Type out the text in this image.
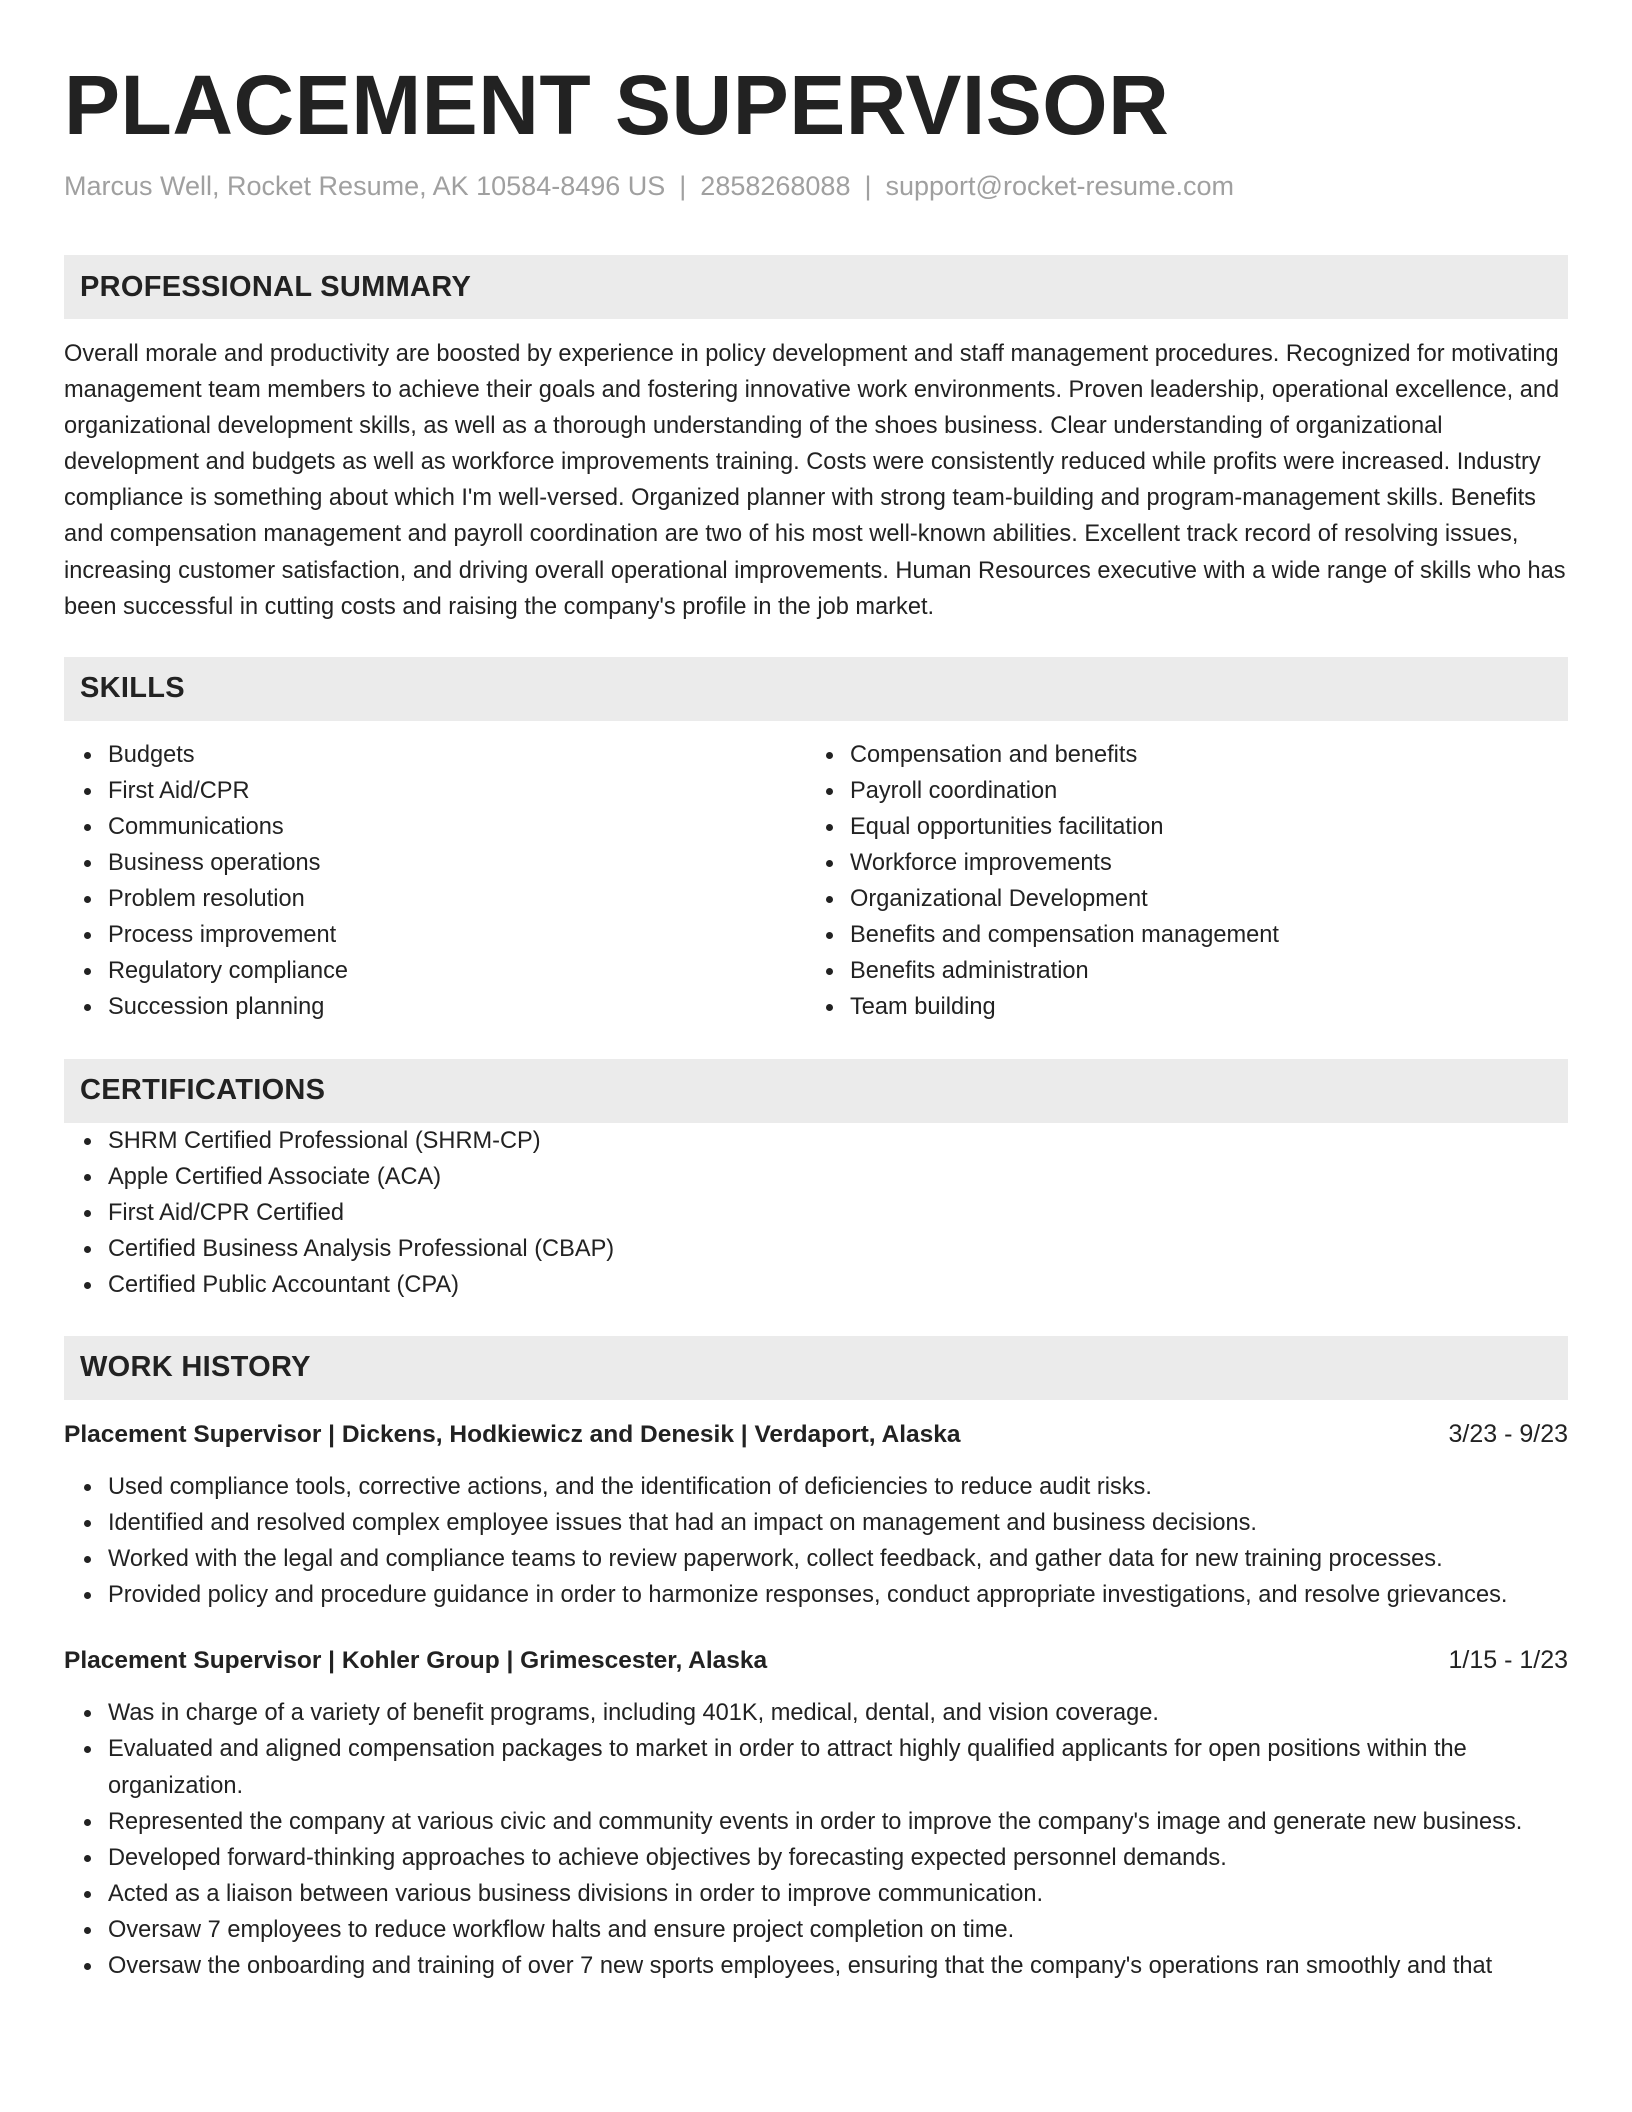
PLACEMENT SUPERVISOR
Marcus Well, Rocket Resume, AK 10584-8496 US | 2858268088 | support@rocket-resume.com
PROFESSIONAL SUMMARY

Overall morale and productivity are boosted by experience in policy development and staff management procedures. Recognized for motivating management team members to achieve their goals and fostering innovative work environments. Proven leadership, operational excellence, and organizational development skills, as well as a thorough understanding of the shoes business. Clear understanding of organizational development and budgets as well as workforce improvements training. Costs were consistently reduced while profits were increased. Industry compliance is something about which I'm well-versed. Organized planner with strong team-building and program-management skills. Benefits and compensation management and payroll coordination are two of his most well-known abilities. Excellent track record of resolving issues, increasing customer satisfaction, and driving overall operational improvements. Human Resources executive with a wide range of skills who has been successful in cutting costs and raising the company's profile in the job market.

SKILLS
Budgets
First Aid/CPR
Communications
Business operations
Problem resolution
Process improvement
Regulatory compliance
Succession planning
Compensation and benefits
Payroll coordination
Equal opportunities facilitation
Workforce improvements
Organizational Development
Benefits and compensation management
Benefits administration
Team building
CERTIFICATIONS
SHRM Certified Professional (SHRM-CP)
Apple Certified Associate (ACA)
First Aid/CPR Certified
Certified Business Analysis Professional (CBAP)
Certified Public Accountant (CPA)
WORK HISTORY
Placement Supervisor | Dickens, Hodkiewicz and Denesik | Verdaport, Alaska	3/23 - 9/23
Used compliance tools, corrective actions, and the identification of deficiencies to reduce audit risks.
Identified and resolved complex employee issues that had an impact on management and business decisions.
Worked with the legal and compliance teams to review paperwork, collect feedback, and gather data for new training processes.
Provided policy and procedure guidance in order to harmonize responses, conduct appropriate investigations, and resolve grievances.
Placement Supervisor | Kohler Group | Grimescester, Alaska	1/15 - 1/23
Was in charge of a variety of benefit programs, including 401K, medical, dental, and vision coverage.
Evaluated and aligned compensation packages to market in order to attract highly qualified applicants for open positions within the organization.
Represented the company at various civic and community events in order to improve the company's image and generate new business.
Developed forward-thinking approaches to achieve objectives by forecasting expected personnel demands.
Acted as a liaison between various business divisions in order to improve communication.
Oversaw 7 employees to reduce workflow halts and ensure project completion on time.
Oversaw the onboarding and training of over 7 new sports employees, ensuring that the company's operations ran smoothly and that
